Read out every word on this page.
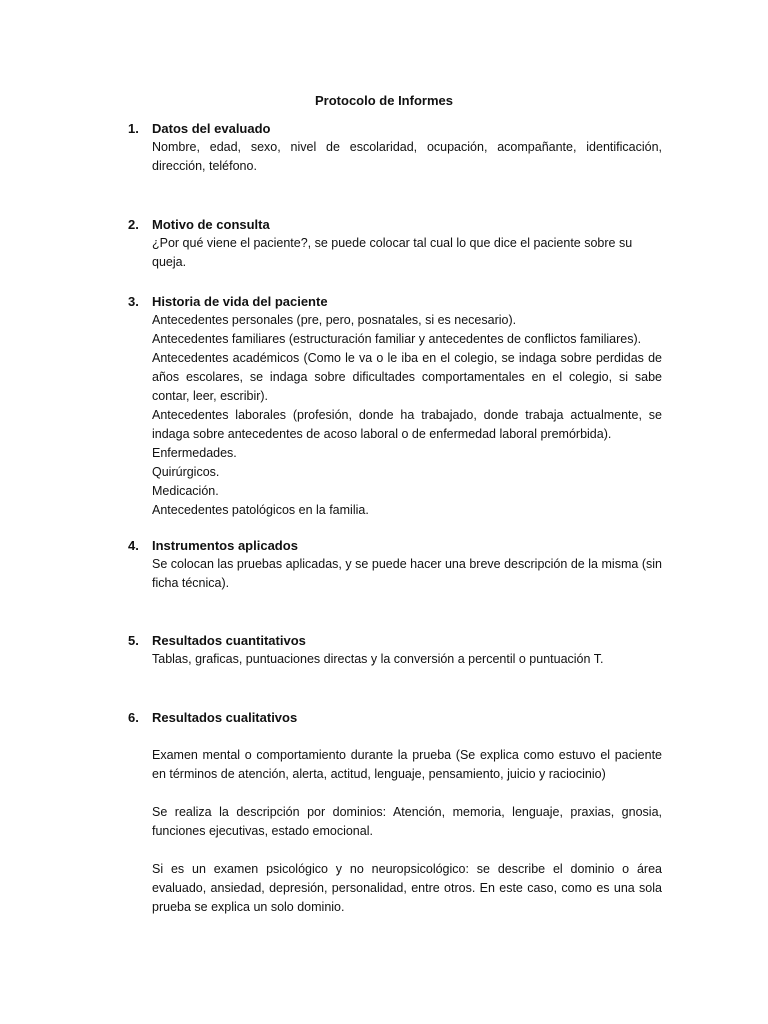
Protocolo de Informes
1.	Datos del evaluado

Nombre, edad, sexo, nivel de escolaridad, ocupación, acompañante, identificación, dirección, teléfono.

2.	Motivo de consulta

¿Por qué viene el paciente?, se puede colocar tal cual lo que dice el paciente sobre su queja.

3.	Historia de vida del paciente

Antecedentes personales (pre, pero, posnatales, si es necesario).

Antecedentes familiares (estructuración familiar y antecedentes de conflictos familiares).

Antecedentes académicos (Como le va o le iba en el colegio, se indaga sobre perdidas de años escolares, se indaga sobre dificultades comportamentales en el colegio, si sabe contar, leer, escribir).

Antecedentes laborales (profesión, donde ha trabajado, donde trabaja actualmente, se indaga sobre antecedentes de acoso laboral o de enfermedad laboral premórbida).

Enfermedades.

Quirúrgicos.

Medicación.

Antecedentes patológicos en la familia.

4.	Instrumentos aplicados

Se colocan las pruebas aplicadas, y se puede hacer una breve descripción de la misma (sin ficha técnica).

5.	Resultados cuantitativos

Tablas, graficas, puntuaciones directas y la conversión a percentil o puntuación T.

6.	Resultados cualitativos

Examen mental o comportamiento durante la prueba (Se explica como estuvo el paciente en términos de atención, alerta, actitud, lenguaje, pensamiento, juicio y raciocinio)

Se realiza la descripción por dominios: Atención, memoria, lenguaje, praxias, gnosia, funciones ejecutivas, estado emocional.

Si es un examen psicológico y no neuropsicológico: se describe el dominio o área evaluado, ansiedad, depresión, personalidad, entre otros. En este caso, como es una sola prueba se explica un solo dominio.
